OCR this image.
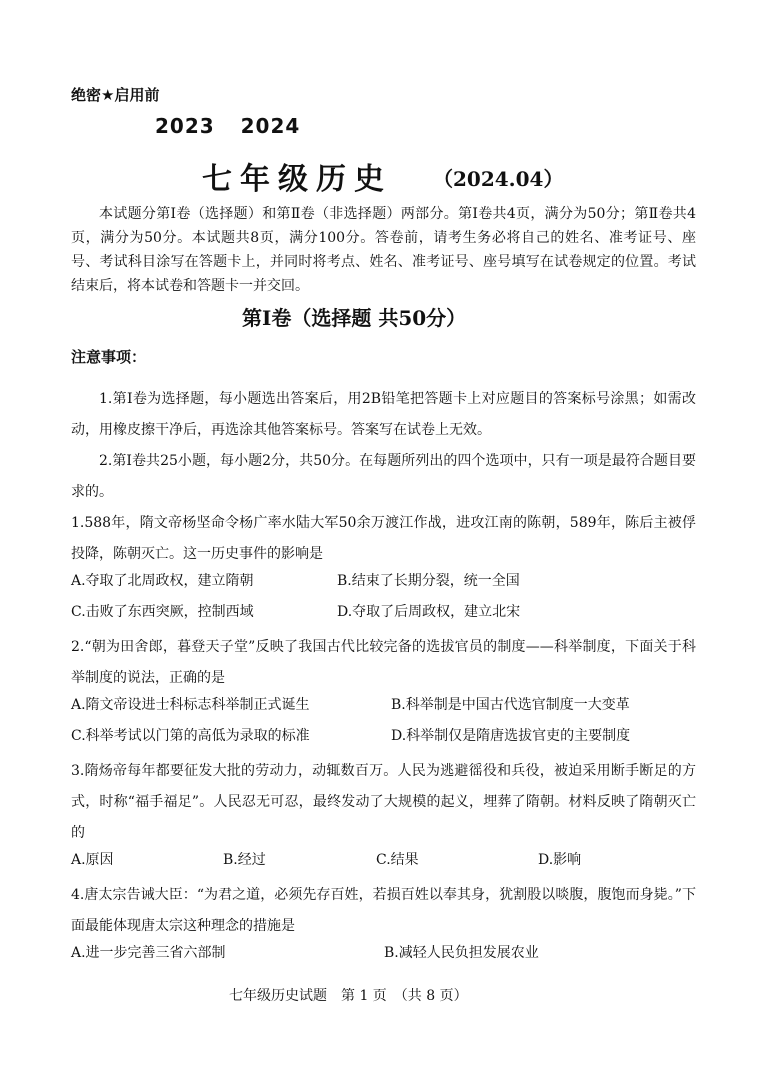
绝密★启用前
2023 2024
七年级历史 （2024.04）
本试题分第Ⅰ卷（选择题）和第Ⅱ卷（非选择题）两部分。第Ⅰ卷共4页，满分为50分；第Ⅱ卷共4页，满分为50分。本试题共8页，满分100分。答卷前，请考生务必将自己的姓名、准考证号、座号、考试科目涂写在答题卡上，并同时将考点、姓名、准考证号、座号填写在试卷规定的位置。考试结束后，将本试卷和答题卡一并交回。
第Ⅰ卷（选择题 共50分）
注意事项：
1.第Ⅰ卷为选择题，每小题选出答案后，用2B铅笔把答题卡上对应题目的答案标号涂黑；如需改动，用橡皮擦干净后，再选涂其他答案标号。答案写在试卷上无效。
2.第Ⅰ卷共25小题，每小题2分，共50分。在每题所列出的四个选项中，只有一项是最符合题目要求的。
1.588年，隋文帝杨坚命令杨广率水陆大军50余万渡江作战，进攻江南的陈朝，589年，陈后主被俘投降，陈朝灭亡。这一历史事件的影响是
A.夺取了北周政权，建立隋朝	B.结束了长期分裂，统一全国
C.击败了东西突厥，控制西域	D.夺取了后周政权，建立北宋
2.“朝为田舍郎，暮登天子堂”反映了我国古代比较完备的选拔官员的制度——科举制度，下面关于科举制度的说法，正确的是
A.隋文帝设进士科标志科举制正式诞生	B.科举制是中国古代选官制度一大变革
C.科举考试以门第的高低为录取的标准	D.科举制仅是隋唐选拔官吏的主要制度
3.隋炀帝每年都要征发大批的劳动力，动辄数百万。人民为逃避徭役和兵役，被迫采用断手断足的方式，时称“福手福足”。人民忍无可忍，最终发动了大规模的起义，埋葬了隋朝。材料反映了隋朝灭亡的
A.原因	B.经过	C.结果	D.影响
4.唐太宗告诫大臣：“为君之道，必须先存百姓，若损百姓以奉其身，犹割股以啖腹，腹饱而身毙。”下面最能体现唐太宗这种理念的措施是
A.进一步完善三省六部制	B.减轻人民负担发展农业
七年级历史试题　第 1 页　（共 8 页）
